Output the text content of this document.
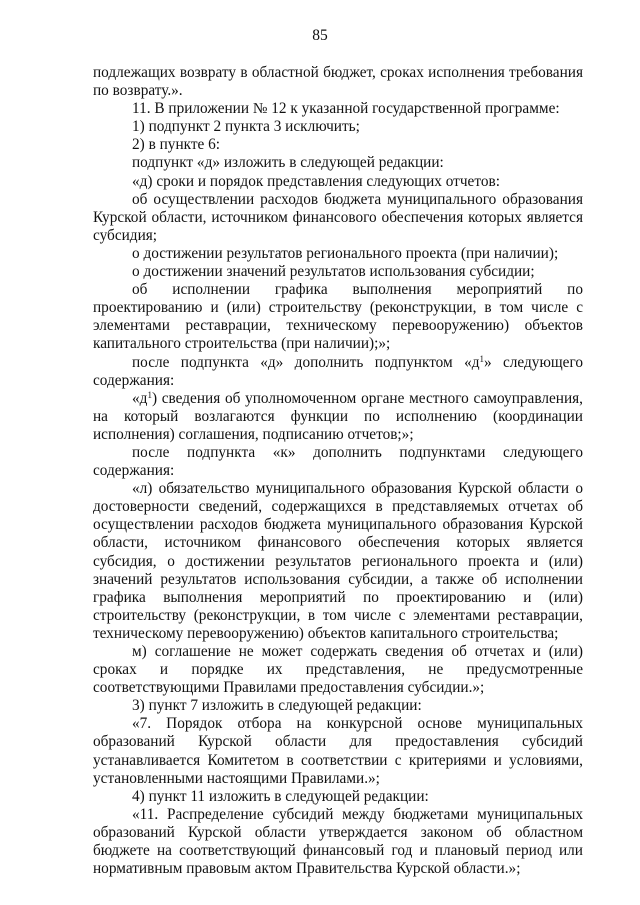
85

подлежащих возврату в областной бюджет, сроках исполнения требования по возврату.».

11. В приложении № 12 к указанной государственной программе:

1) подпункт 2 пункта 3 исключить;

2) в пункте 6:

подпункт «д» изложить в следующей редакции:

«д) сроки и порядок представления следующих отчетов:

об осуществлении расходов бюджета муниципального образования Курской области, источником финансового обеспечения которых является субсидия;

о достижении результатов регионального проекта (при наличии);

о достижении значений результатов использования субсидии;

об исполнении графика выполнения мероприятий по проектированию и (или) строительству (реконструкции, в том числе с элементами реставрации, техническому перевооружению) объектов капитального строительства (при наличии);»;

после подпункта «д» дополнить подпунктом «$д^1$» следующего содержания:

«$д^1$) сведения об уполномоченном органе местного самоуправления, на который возлагаются функции по исполнению (координации исполнения) соглашения, подписанию отчетов;»;

после подпункта «к» дополнить подпунктами следующего содержания:

«л) обязательство муниципального образования Курской области о достоверности сведений, содержащихся в представляемых отчетах об осуществлении расходов бюджета муниципального образования Курской области, источником финансового обеспечения которых является субсидия, о достижении результатов регионального проекта и (или) значений результатов использования субсидии, а также об исполнении графика выполнения мероприятий по проектированию и (или) строительству (реконструкции, в том числе с элементами реставрации, техническому перевооружению) объектов капитального строительства;

м) соглашение не может содержать сведения об отчетах и (или) сроках и порядке их представления, не предусмотренные соответствующими Правилами предоставления субсидии.»;

3) пункт 7 изложить в следующей редакции:

«7. Порядок отбора на конкурсной основе муниципальных образований Курской области для предоставления субсидий устанавливается Комитетом в соответствии с критериями и условиями, установленными настоящими Правилами.»;

4) пункт 11 изложить в следующей редакции:

«11. Распределение субсидий между бюджетами муниципальных образований Курской области утверждается законом об областном бюджете на соответствующий финансовый год и плановый период или нормативным правовым актом Правительства Курской области.»;
